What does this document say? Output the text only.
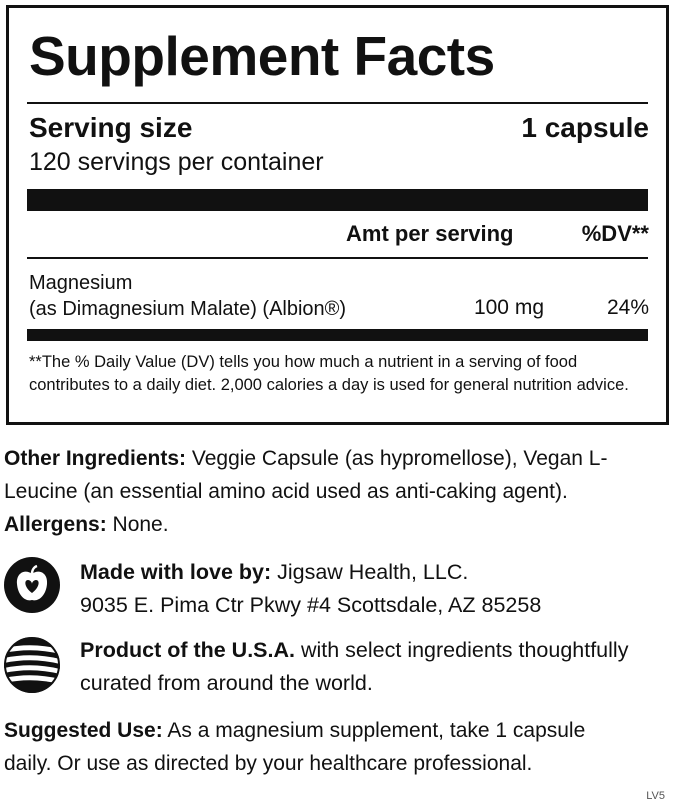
Supplement Facts
Serving size	1 capsule
120 servings per container
Amt per serving	%DV**
Magnesium
(as Dimagnesium Malate) (Albion®)	100 mg	24%
**The % Daily Value (DV) tells you how much a nutrient in a serving of food contributes to a daily diet. 2,000 calories a day is used for general nutrition advice.
Other Ingredients: Veggie Capsule (as hypromellose), Vegan L-Leucine (an essential amino acid used as anti-caking agent). Allergens: None.
Made with love by: Jigsaw Health, LLC.
9035 E. Pima Ctr Pkwy #4 Scottsdale, AZ 85258
Product of the U.S.A. with select ingredients thoughtfully curated from around the world.
Suggested Use: As a magnesium supplement, take 1 capsule daily. Or use as directed by your healthcare professional.
LV5
